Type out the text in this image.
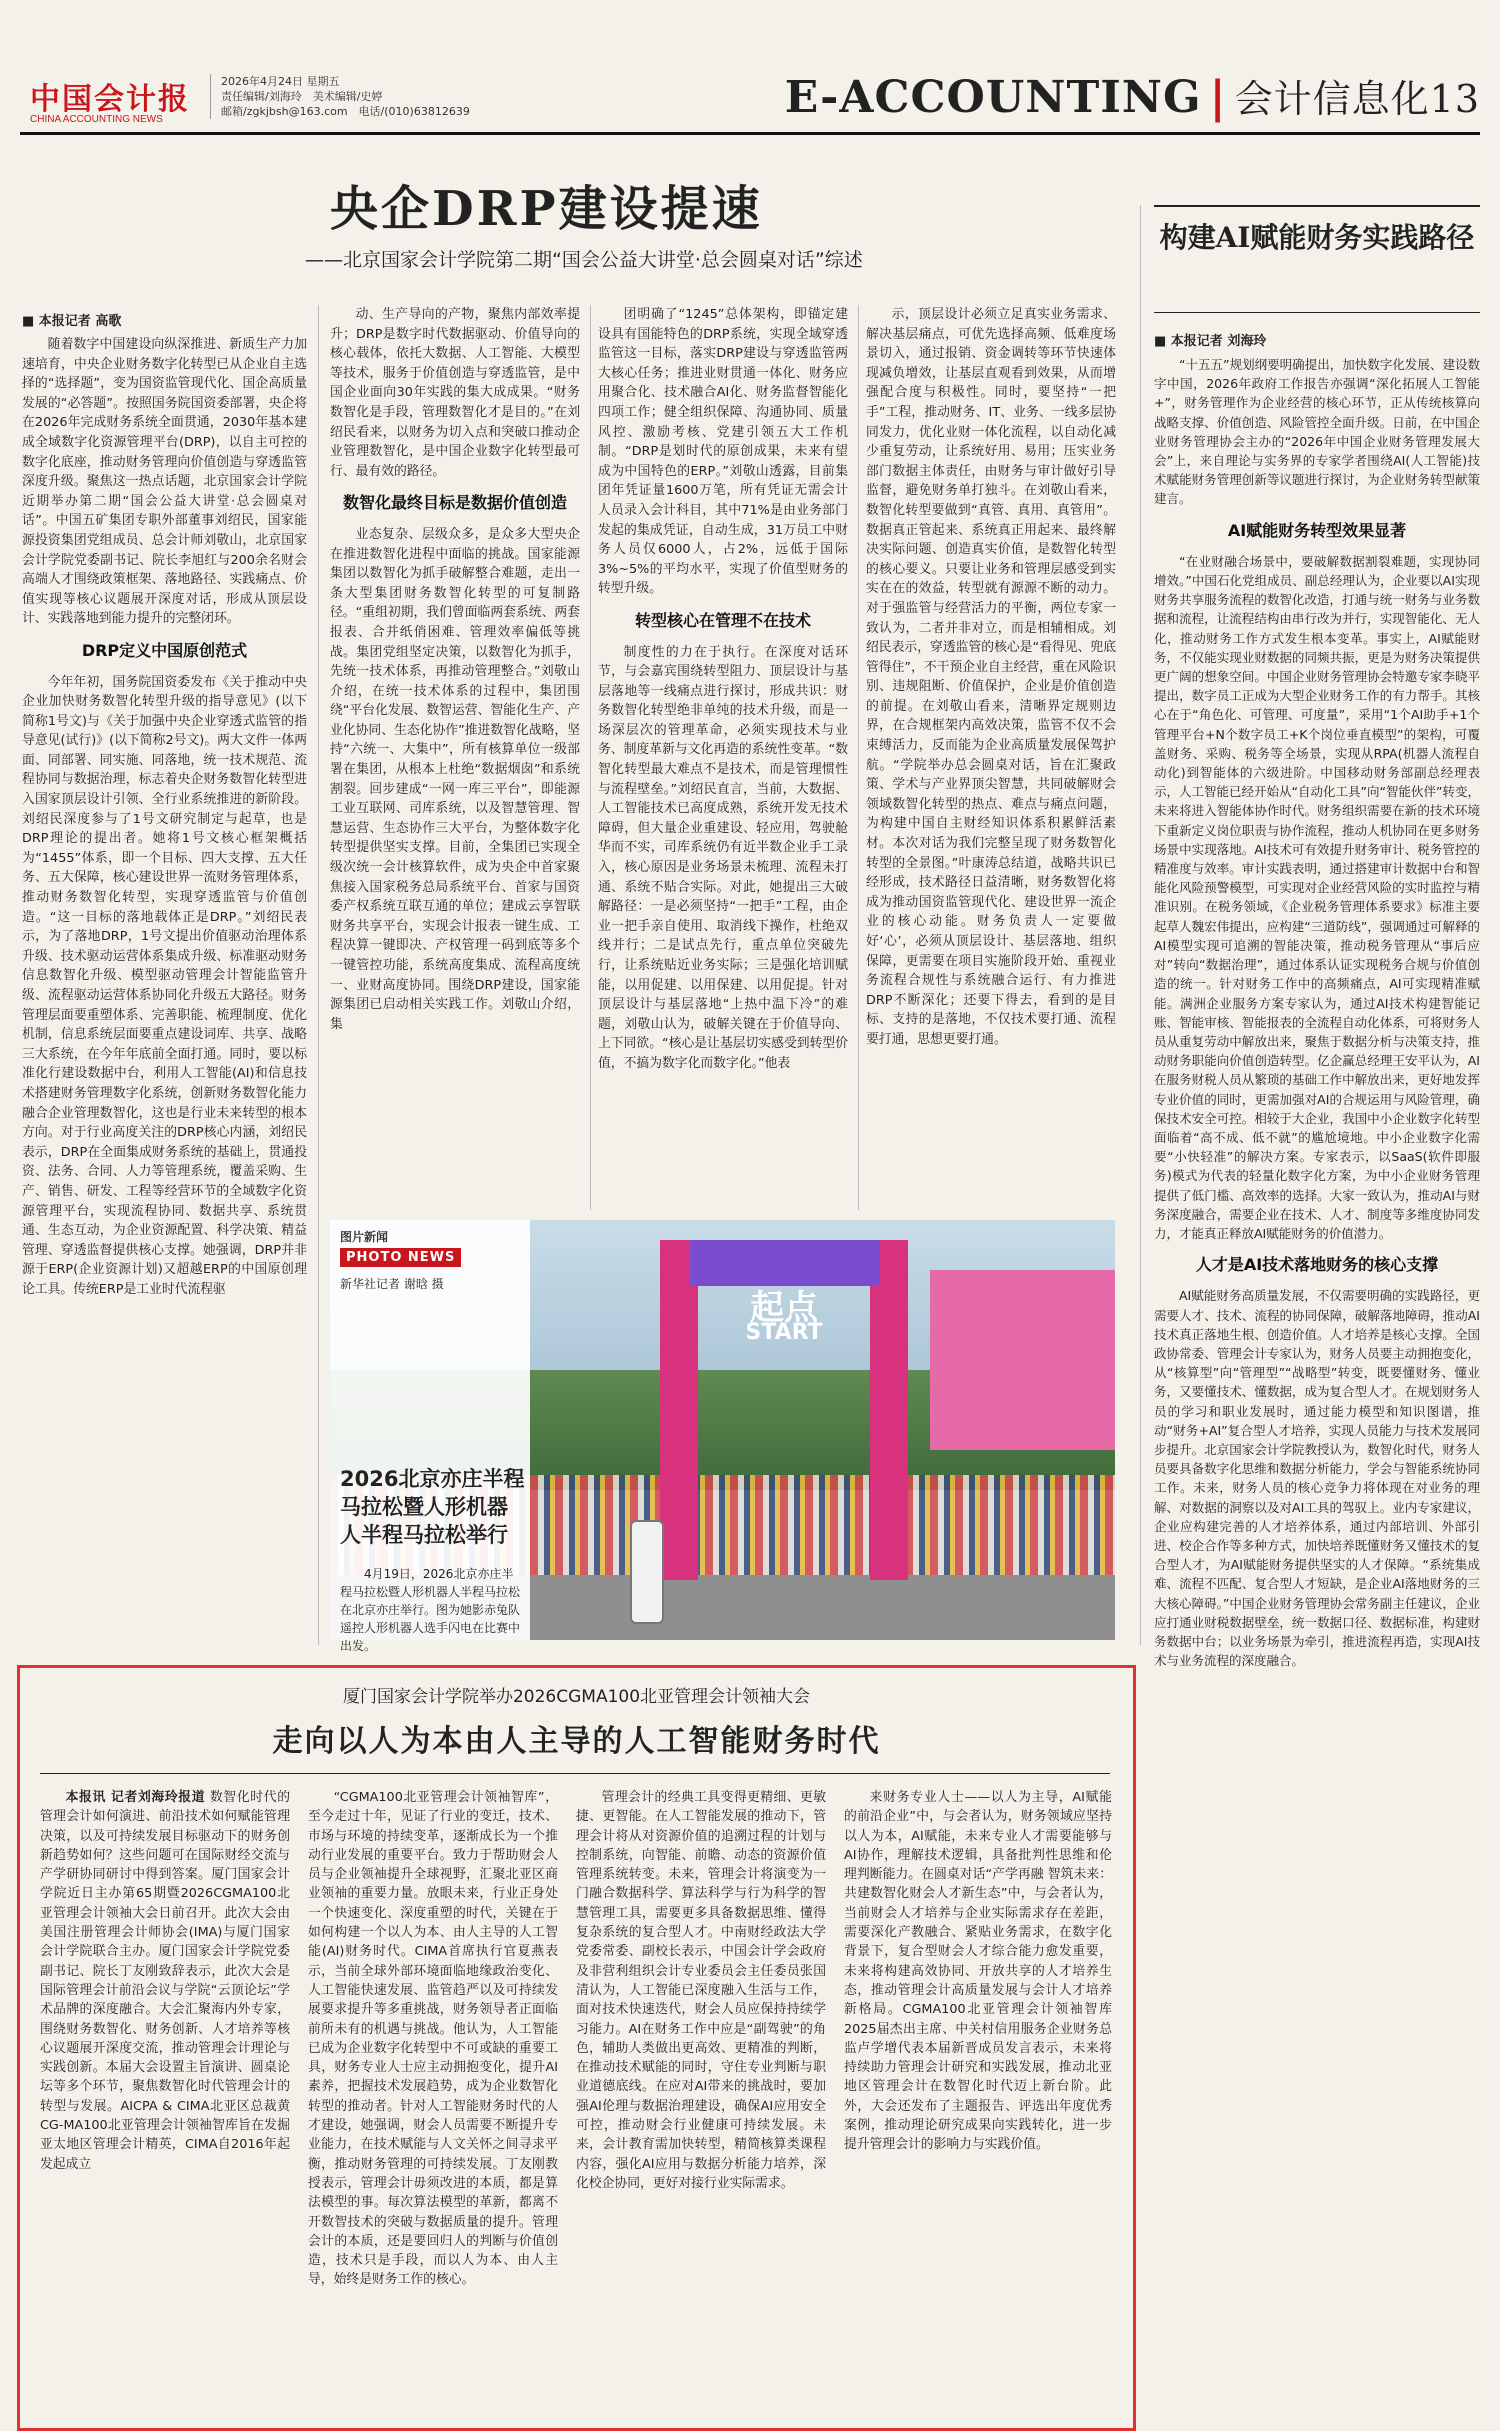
中国会计报
CHINA ACCOUNTING NEWS
2026年4月24日 星期五
责任编辑/刘海玲　美术编辑/史婷
邮箱/zgkjbsh@163.com　电话/(010)63812639	E-ACCOUNTING | 会计信息化13
央企DRP建设提速
——北京国家会计学院第二期“国会公益大讲堂·总会圆桌对话”综述
■ 本报记者 高歌

随着数字中国建设向纵深推进、新质生产力加速培育，中央企业财务数字化转型已从企业自主选择的“选择题”，变为国资监管现代化、国企高质量发展的“必答题”。按照国务院国资委部署，央企将在2026年完成财务系统全面贯通，2030年基本建成全域数字化资源管理平台(DRP)，以自主可控的数字化底座，推动财务管理向价值创造与穿透监管深度升级。聚焦这一热点话题，北京国家会计学院近期举办第二期“国会公益大讲堂·总会圆桌对话”。中国五矿集团专职外部董事刘绍民，国家能源投资集团党组成员、总会计师刘敬山，北京国家会计学院党委副书记、院长李旭红与200余名财会高端人才围绕政策框架、落地路径、实践痛点、价值实现等核心议题展开深度对话，形成从顶层设计、实践落地到能力提升的完整闭环。

DRP定义中国原创范式

今年年初，国务院国资委发布《关于推动中央企业加快财务数智化转型升级的指导意见》(以下简称1号文)与《关于加强中央企业穿透式监管的指导意见(试行)》(以下简称2号文)。两大文件一体两面、同部署、同实施、同落地，统一技术规范、流程协同与数据治理，标志着央企财务数智化转型进入国家顶层设计引领、全行业系统推进的新阶段。刘绍民深度参与了1号文研究制定与起草，也是DRP理论的提出者。她将1号文核心框架概括为“1455”体系，即一个目标、四大支撑、五大任务、五大保障，核心建设世界一流财务管理体系，推动财务数智化转型，实现穿透监管与价值创造。“这一目标的落地载体正是DRP。”刘绍民表示，为了落地DRP，1号文提出价值驱动治理体系升级、技术驱动运营体系集成升级、标准驱动财务信息数智化升级、模型驱动管理会计智能监管升级、流程驱动运营体系协同化升级五大路径。财务管理层面要重塑体系、完善职能、梳理制度、优化机制，信息系统层面要重点建设词库、共享、战略三大系统，在今年年底前全面打通。同时，要以标准化行建设数据中台，利用人工智能(AI)和信息技术搭建财务管理数字化系统，创新财务数智化能力融合企业管理数智化，这也是行业未来转型的根本方向。对于行业高度关注的DRP核心内涵，刘绍民表示，DRP在全面集成财务系统的基础上，贯通投资、法务、合同、人力等管理系统，覆盖采购、生产、销售、研发、工程等经营环节的全域数字化资源管理平台，实现流程协同、数据共享、系统贯通、生态互动，为企业资源配置、科学决策、精益管理、穿透监督提供核心支撑。她强调，DRP并非源于ERP(企业资源计划)又超越ERP的中国原创理论工具。传统ERP是工业时代流程驱

动、生产导向的产物，聚焦内部效率提升；DRP是数字时代数据驱动、价值导向的核心载体，依托大数据、人工智能、大模型等技术，服务于价值创造与穿透监管，是中国企业面向30年实践的集大成成果。“财务数智化是手段，管理数智化才是目的。”在刘绍民看来，以财务为切入点和突破口推动企业管理数智化，是中国企业数字化转型最可行、最有效的路径。

数智化最终目标是数据价值创造

业态复杂、层级众多，是众多大型央企在推进数智化进程中面临的挑战。国家能源集团以数智化为抓手破解整合难题，走出一条大型集团财务数智化转型的可复制路径。“重组初期，我们曾面临两套系统、两套报表、合并纸俏困难、管理效率偏低等挑战。集团党组坚定决策，以数智化为抓手，先统一技术体系，再推动管理整合。”刘敬山介绍，在统一技术体系的过程中，集团围绕“平台化发展、数智运营、智能化生产、产业化协同、生态化协作”推进数智化战略，坚持“六统一、大集中”，所有核算单位一级部署在集团，从根本上杜绝“数据烟囱”和系统割裂。回步建成“一网一库三平台”，即能源工业互联网、司库系统，以及智慧管理、智慧运营、生态协作三大平台，为整体数字化转型提供坚实支撑。目前，全集团已实现全级次统一会计核算软件，成为央企中首家聚焦接入国家税务总局系统平台、首家与国资委产权系统互联互通的单位；建成云享智联财务共享平台，实现会计报表一键生成、工程决算一键即决、产权管理一码到底等多个一键管控功能，系统高度集成、流程高度统一、业财高度协同。围绕DRP建设，国家能源集团已启动相关实践工作。刘敬山介绍，集

团明确了“1245”总体架构，即锚定建设具有国能特色的DRP系统，实现全域穿透监管这一目标，落实DRP建设与穿透监管两大核心任务；推进业财贯通一体化、财务应用聚合化、技术融合AI化、财务监督智能化四项工作；健全组织保障、沟通协同、质量风控、激励考核、党建引领五大工作机制。“DRP是划时代的原创成果，未来有望成为中国特色的ERP。”刘敬山透露，目前集团年凭证量1600万笔，所有凭证无需会计人员录入会计科目，其中71%是由业务部门发起的集成凭证，自动生成，31万员工中财务人员仅6000人，占2%，远低于国际3%~5%的平均水平，实现了价值型财务的转型升级。

转型核心在管理不在技术

制度性的力在于执行。在深度对话环节，与会嘉宾围绕转型阻力、顶层设计与基层落地等一线痛点进行探讨，形成共识：财务数智化转型绝非单纯的技术升级，而是一场深层次的管理革命，必须实现技术与业务、制度革新与文化再造的系统性变革。“数智化转型最大难点不是技术，而是管理惯性与流程壁垒。”刘绍民直言，当前，大数据、人工智能技术已高度成熟，系统开发无技术障碍，但大量企业重建设、轻应用，驾驶舱华而不实，司库系统仍有近半数企业手工录入，核心原因是业务场景未梳理、流程未打通、系统不贴合实际。对此，她提出三大破解路径：一是必须坚持“一把手”工程，由企业一把手亲自使用、取消线下操作，杜绝双线并行；二是试点先行，重点单位突破先行，让系统贴近业务实际；三是强化培训赋能，以用促建、以用保建、以用促提。针对顶层设计与基层落地“上热中温下冷”的难题，刘敬山认为，破解关键在于价值导向、上下同欲。“核心是让基层切实感受到转型价值，不搞为数字化而数字化。”他表

示，顶层设计必须立足真实业务需求、解决基层痛点，可优先选择高频、低难度场景切入，通过报销、资金调转等环节快速体现减负增效，让基层直观看到效果，从而增强配合度与积极性。同时，要坚持“一把手”工程，推动财务、IT、业务、一线多层协同发力，优化业财一体化流程，以自动化减少重复劳动，让系统好用、易用；压实业务部门数据主体责任，由财务与审计做好引导监督，避免财务单打独斗。在刘敬山看来，数智化转型要做到“真管、真用、真管用”。数据真正管起来、系统真正用起来、最终解决实际问题、创造真实价值，是数智化转型的核心要义。只要让业务和管理层感受到实实在在的效益，转型就有源源不断的动力。对于强监管与经营活力的平衡，两位专家一致认为，二者并非对立，而是相辅相成。刘绍民表示，穿透监管的核心是“看得见、兜底管得住”，不干预企业自主经营，重在风险识别、违规阻断、价值保护，企业是价值创造的前提。在刘敬山看来，清晰界定规则边界，在合规框架内高效决策，监管不仅不会束缚活力，反而能为企业高质量发展保驾护航。“学院举办总会圆桌对话，旨在汇聚政策、学术与产业界顶尖智慧，共同破解财会领域数智化转型的热点、难点与痛点问题，为构建中国自主财经知识体系积累鲜活素材。本次对话为我们完整呈现了财务数智化转型的全景图。”叶康涛总结道，战略共识已经形成，技术路径日益清晰，财务数智化将成为推动国资监管现代化、建设世界一流企业的核心动能。财务负责人一定要做好‘心’，必须从顶层设计、基层落地、组织保障，更需要在项目实施阶段开始、重视业务流程合规性与系统融合运行、有力推进DRP不断深化；还要下得去，看到的是目标、支持的是落地，不仅技术要打通、流程要打通，思想更要打通。

起点
START
图片新闻
PHOTO NEWS
新华社记者 谢晗 摄
2026北京亦庄半程马拉松暨人形机器人半程马拉松举行
4月19日，2026北京亦庄半程马拉松暨人形机器人半程马拉松在北京亦庄举行。图为她影赤兔队遥控人形机器人选手闪电在比赛中出发。
构建AI赋能财务实践路径
■ 本报记者 刘海玲

“十五五”规划纲要明确提出，加快数字化发展、建设数字中国，2026年政府工作报告亦强调“深化拓展人工智能+”，财务管理作为企业经营的核心环节，正从传统核算向战略支撑、价值创造、风险管控全面升级。日前，在中国企业财务管理协会主办的“2026年中国企业财务管理发展大会”上，来自理论与实务界的专家学者围绕AI(人工智能)技术赋能财务管理创新等议题进行探讨，为企业财务转型献策建言。

AI赋能财务转型效果显著

“在业财融合场景中，要破解数据割裂难题，实现协同增效。”中国石化党组成员、副总经理认为，企业要以AI实现财务共享服务流程的数智化改造，打通与统一财务与业务数据和流程，让流程结构由串行改为并行，实现智能化、无人化，推动财务工作方式发生根本变革。事实上，AI赋能财务，不仅能实现业财数据的同频共振，更是为财务决策提供更广阔的想象空间。中国企业财务管理协会特邀专家李晓平提出，数字员工正成为大型企业财务工作的有力帮手。其核心在于“角色化、可管理、可度量”，采用“1个AI助手+1个管理平台+N个数字员工+K个岗位垂直模型”的架构，可覆盖财务、采购、税务等全场景，实现从RPA(机器人流程自动化)到智能体的六级进阶。中国移动财务部副总经理表示，人工智能已经开始从“自动化工具”向“智能伙伴”转变，未来将进入智能体协作时代。财务组织需要在新的技术环境下重新定义岗位职责与协作流程，推动人机协同在更多财务场景中实现落地。AI技术可有效提升财务审计、税务管控的精准度与效率。审计实践表明，通过搭建审计数据中台和智能化风险预警模型，可实现对企业经营风险的实时监控与精准识别。在税务领域，《企业税务管理体系要求》标准主要起草人魏宏伟提出，应构建“三道防线”，强调通过可解释的AI模型实现可追溯的智能决策，推动税务管理从“事后应对”转向“数据治理”，通过体系认证实现税务合规与价值创造的统一。针对财务工作中的高频痛点，AI可实现精准赋能。满洲企业服务方案专家认为，通过AI技术构建智能记账、智能审核、智能报表的全流程自动化体系，可将财务人员从重复劳动中解放出来，聚焦于数据分析与决策支持，推动财务职能向价值创造转型。亿企赢总经理王安平认为，AI在服务财税人员从繁琐的基础工作中解放出来，更好地发挥专业价值的同时，更需加强对AI的合规运用与风险管理，确保技术安全可控。相较于大企业，我国中小企业数字化转型面临着“高不成、低不就”的尴尬境地。中小企业数字化需要“小快轻准”的解决方案。专家表示，以SaaS(软件即服务)模式为代表的轻量化数字化方案，为中小企业财务管理提供了低门槛、高效率的选择。大家一致认为，推动AI与财务深度融合，需要企业在技术、人才、制度等多维度协同发力，才能真正释放AI赋能财务的价值潜力。

人才是AI技术落地财务的核心支撑

AI赋能财务高质量发展，不仅需要明确的实践路径，更需要人才、技术、流程的协同保障，破解落地障碍，推动AI技术真正落地生根、创造价值。人才培养是核心支撑。全国政协常委、管理会计专家认为，财务人员要主动拥抱变化，从“核算型”向“管理型”“战略型”转变，既要懂财务、懂业务，又要懂技术、懂数据，成为复合型人才。在规划财务人员的学习和职业发展时，通过能力模型和知识图谱，推动“财务+AI”复合型人才培养，实现人员能力与技术发展同步提升。北京国家会计学院教授认为，数智化时代，财务人员要具备数字化思维和数据分析能力，学会与智能系统协同工作。未来，财务人员的核心竞争力将体现在对业务的理解、对数据的洞察以及对AI工具的驾驭上。业内专家建议，企业应构建完善的人才培养体系，通过内部培训、外部引进、校企合作等多种方式，加快培养既懂财务又懂技术的复合型人才，为AI赋能财务提供坚实的人才保障。“系统集成难、流程不匹配、复合型人才短缺，是企业AI落地财务的三大核心障碍。”中国企业财务管理协会常务副主任建议，企业应打通业财税数据壁垒，统一数据口径、数据标准，构建财务数据中台；以业务场景为牵引，推进流程再造，实现AI技术与业务流程的深度融合。

厦门国家会计学院举办2026CGMA100北亚管理会计领袖大会
走向以人为本由人主导的人工智能财务时代

本报讯 记者刘海玲报道 数智化时代的管理会计如何演进、前沿技术如何赋能管理决策，以及可持续发展目标驱动下的财务创新趋势如何？这些问题可在国际财经交流与产学研协同研讨中得到答案。厦门国家会计学院近日主办第65期暨2026CGMA100北亚管理会计领袖大会日前召开。此次大会由美国注册管理会计师协会(IMA)与厦门国家会计学院联合主办。厦门国家会计学院党委副书记、院长丁友刚致辞表示，此次大会是国际管理会计前沿会议与学院“云顶论坛”学术品牌的深度融合。大会汇聚海内外专家，围绕财务数智化、财务创新、人才培养等核心议题展开深度交流，推动管理会计理论与实践创新。本届大会设置主旨演讲、圆桌论坛等多个环节，聚焦数智化时代管理会计的转型与发展。AICPA & CIMA北亚区总裁黄CG-MA100北亚管理会计领袖智库旨在发掘亚太地区管理会计精英，CIMA自2016年起发起成立

“CGMA100北亚管理会计领袖智库”，至今走过十年，见证了行业的变迁，技术、市场与环境的持续变革，逐渐成长为一个推动行业发展的重要平台。致力于帮助财会人员与企业领袖提升全球视野，汇聚北亚区商业领袖的重要力量。放眼未来，行业正身处一个快速变化、深度重塑的时代，关键在于如何构建一个以人为本、由人主导的人工智能(AI)财务时代。CIMA首席执行官夏燕表示，当前全球外部环境面临地缘政治变化、人工智能快速发展、监管趋严以及可持续发展要求提升等多重挑战，财务领导者正面临前所未有的机遇与挑战。他认为，人工智能已成为企业数字化转型中不可或缺的重要工具，财务专业人士应主动拥抱变化，提升AI素养，把握技术发展趋势，成为企业数智化转型的推动者。针对人工智能财务时代的人才建设，她强调，财会人员需要不断提升专业能力，在技术赋能与人文关怀之间寻求平衡，推动财务管理的可持续发展。丁友刚教授表示，管理会计毋须改进的本质，都是算法模型的事。每次算法模型的革新，都离不开数智技术的突破与数据质量的提升。管理会计的本质，还是要回归人的判断与价值创造，技术只是手段，而以人为本、由人主导，始终是财务工作的核心。

管理会计的经典工具变得更精细、更敏捷、更智能。在人工智能发展的推动下，管理会计将从对资源价值的追溯过程的计划与控制系统，向智能、前瞻、动态的资源价值管理系统转变。未来，管理会计将演变为一门融合数据科学、算法科学与行为科学的智慧管理工具，需要更多具备数据思维、懂得复杂系统的复合型人才。中南财经政法大学党委常委、副校长表示，中国会计学会政府及非营利组织会计专业委员会主任委员张国清认为，人工智能已深度融入生活与工作，面对技术快速迭代，财会人员应保持持续学习能力。AI在财务工作中应是“副驾驶”的角色，辅助人类做出更高效、更精准的判断，在推动技术赋能的同时，守住专业判断与职业道德底线。在应对AI带来的挑战时，要加强AI伦理与数据治理建设，确保AI应用安全可控，推动财会行业健康可持续发展。未来，会计教育需加快转型，精简核算类课程内容，强化AI应用与数据分析能力培养，深化校企协同，更好对接行业实际需求。

来财务专业人士——以人为主导，AI赋能的前沿企业”中，与会者认为，财务领域应坚持以人为本，AI赋能，未来专业人才需要能够与AI协作，理解技术逻辑，具备批判性思维和伦理判断能力。在圆桌对话“产学再融 智筑未来：共建数智化财会人才新生态”中，与会者认为，当前财会人才培养与企业实际需求存在差距，需要深化产教融合、紧贴业务需求，在数字化背景下，复合型财会人才综合能力愈发重要，未来将构建高效协同、开放共享的人才培养生态，推动管理会计高质量发展与会计人才培养新格局。CGMA100北亚管理会计领袖智库2025届杰出主席、中关村信用服务企业财务总监卢学增代表本届新晋成员发言表示，未来将持续助力管理会计研究和实践发展，推动北亚地区管理会计在数智化时代迈上新台阶。此外，大会还发布了主题报告、评选出年度优秀案例，推动理论研究成果向实践转化，进一步提升管理会计的影响力与实践价值。
